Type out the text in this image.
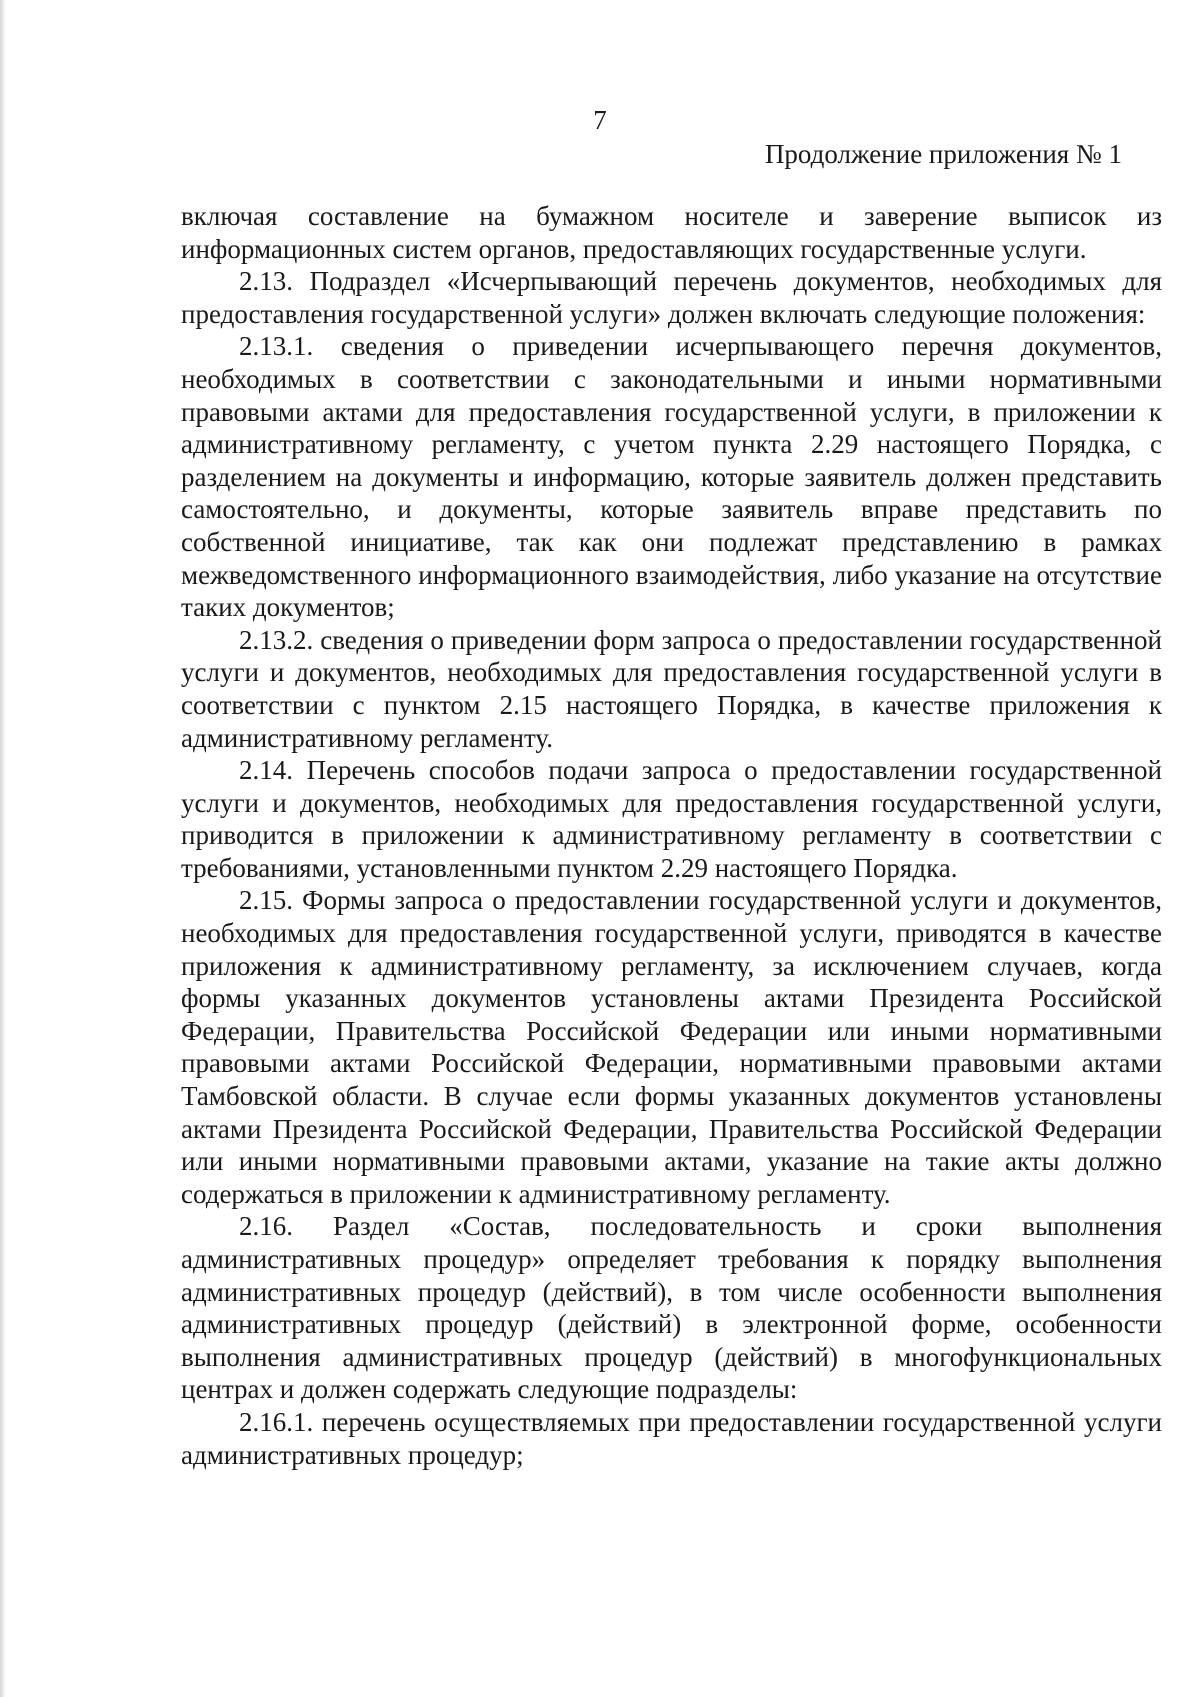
7
Продолжение приложения № 1

включая составление на бумажном носителе и заверение выписок из информационных систем органов, предоставляющих государственные услуги.

2.13. Подраздел «Исчерпывающий перечень документов, необходимых для предоставления государственной услуги» должен включать следующие положения:

2.13.1. сведения о приведении исчерпывающего перечня документов, необходимых в соответствии с законодательными и иными нормативными правовыми актами для предоставления государственной услуги, в приложении к административному регламенту, с учетом пункта 2.29 настоящего Порядка, с разделением на документы и информацию, которые заявитель должен представить самостоятельно, и документы, которые заявитель вправе представить по собственной инициативе, так как они подлежат представлению в рамках межведомственного информационного взаимодействия, либо указание на отсутствие таких документов;

2.13.2. сведения о приведении форм запроса о предоставлении государственной услуги и документов, необходимых для предоставления государственной услуги в соответствии с пунктом 2.15 настоящего Порядка, в качестве приложения к административному регламенту.

2.14. Перечень способов подачи запроса о предоставлении государственной услуги и документов, необходимых для предоставления государственной услуги, приводится в приложении к административному регламенту в соответствии с требованиями, установленными пунктом 2.29 настоящего Порядка.

2.15. Формы запроса о предоставлении государственной услуги и документов, необходимых для предоставления государственной услуги, приводятся в качестве приложения к административному регламенту, за исключением случаев, когда формы указанных документов установлены актами Президента Российской Федерации, Правительства Российской Федерации или иными нормативными правовыми актами Российской Федерации, нормативными правовыми актами Тамбовской области. В случае если формы указанных документов установлены актами Президента Российской Федерации, Правительства Российской Федерации или иными нормативными правовыми актами, указание на такие акты должно содержаться в приложении к административному регламенту.

2.16. Раздел «Состав, последовательность и сроки выполнения административных процедур» определяет требования к порядку выполнения административных процедур (действий), в том числе особенности выполнения административных процедур (действий) в электронной форме, особенности выполнения административных процедур (действий) в многофункциональных центрах и должен содержать следующие подразделы:

2.16.1. перечень осуществляемых при предоставлении государственной услуги административных процедур;
